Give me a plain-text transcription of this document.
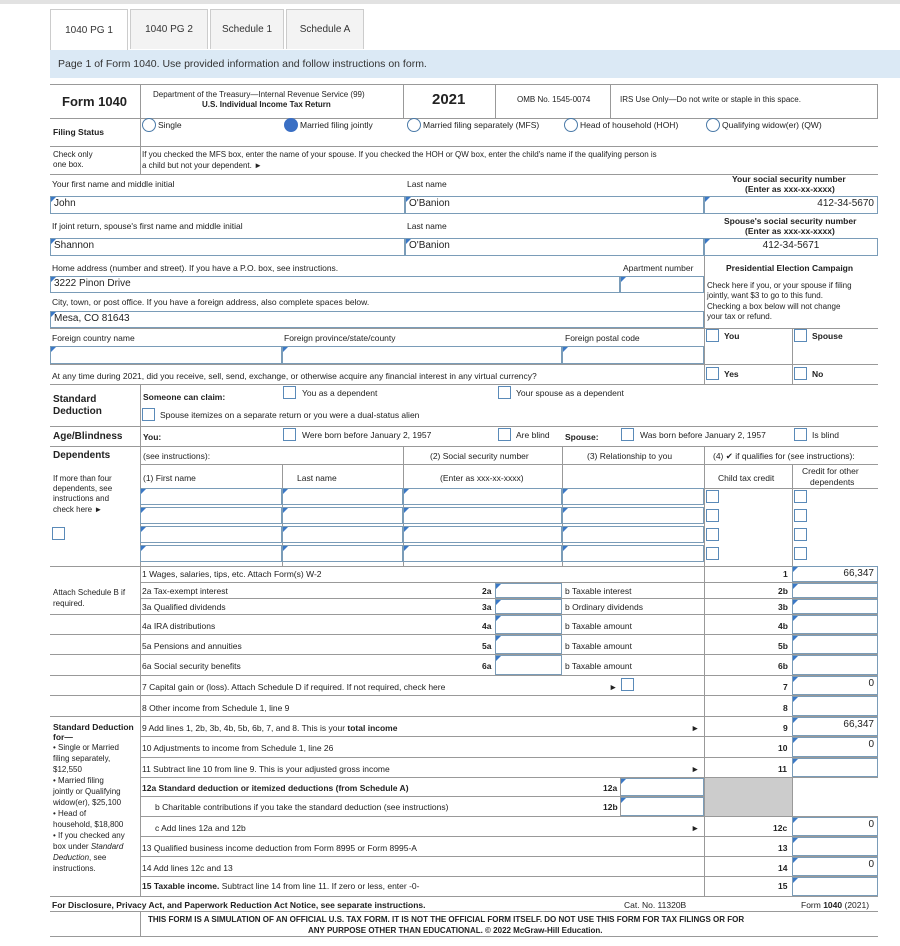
1040 PG 1	1040 PG 2	Schedule 1	Schedule A
Page 1 of Form 1040. Use provided information and follow instructions on form.
Form 1040	Department of the Treasury—Internal Revenue Service (99)
U.S. Individual Income Tax Return	2021	OMB No. 1545-0074	IRS Use Only—Do not write or staple in this space.
Filing Status
Single	Married filing jointly	Married filing separately (MFS)	Head of household (HOH)	Qualifying widow(er) (QW)
Check only
one box.
If you checked the MFS box, enter the name of your spouse. If you checked the HOH or QW box, enter the child's name if the qualifying person is
a child but not your dependent. ►
Your first name and middle initial	Last name	Your social security number
(Enter as xxx-xx-xxxx)
John	O'Banion	412-34-5670
If joint return, spouse's first name and middle initial	Last name	Spouse's social security number
(Enter as xxx-xx-xxxx)
Shannon	O'Banion	412-34-5671
Home address (number and street). If you have a P.O. box, see instructions.	Apartment number	Presidential Election Campaign
3222 Pinon Drive	Check here if you, or your spouse if filing
jointly, want $3 to go to this fund.
Checking a box below will not change
your tax or refund.
City, town, or post office. If you have a foreign address, also complete spaces below.
Mesa, CO 81643
Foreign country name	Foreign province/state/county	Foreign postal code	You	Spouse
At any time during 2021, did you receive, sell, send, exchange, or otherwise acquire any financial interest in any virtual currency?	Yes	No
Standard
Deduction
Someone can claim:	You as a dependent	Your spouse as a dependent
Spouse itemizes on a separate return or you were a dual-status alien
Age/Blindness You:	Were born before January 2, 1957	Are blind Spouse:	Was born before January 2, 1957	Is blind
Dependents	(see instructions):	(2) Social security number	(3) Relationship to you	(4) ✔ if qualifies for (see instructions):
If more than four
dependents, see
instructions and
check here ►
(1) First name	Last name	(Enter as xxx-xx-xxxx)	Child tax credit
Credit for other
dependents
1 Wages, salaries, tips, etc. Attach Form(s) W-2	1	66,347
Attach Schedule B if
required.
2a Tax-exempt interest	2a	b Taxable interest	2b
3a Qualified dividends	3a	b Ordinary dividends	3b
4a IRA distributions	4a	b Taxable amount	4b
5a Pensions and annuities	5a	b Taxable amount	5b
6a Social security benefits	6a	b Taxable amount	6b
7 Capital gain or (loss). Attach Schedule D if required. If not required, check here	►	7	0
8 Other income from Schedule 1, line 9	8
Standard Deduction
for—
• Single or Married
filing separately,
$12,550
• Married filing
jointly or Qualifying
widow(er), $25,100
• Head of
household, $18,800
• If you checked any
box under Standard
Deduction, see
instructions.
9 Add lines 1, 2b, 3b, 4b, 5b, 6b, 7, and 8. This is your total income	►	9	66,347
10 Adjustments to income from Schedule 1, line 26	10	0
11 Subtract line 10 from line 9. This is your adjusted gross income	►	11
12a Standard deduction or itemized deductions (from Schedule A)	12a
b Charitable contributions if you take the standard deduction (see instructions)	12b
c Add lines 12a and 12b	►	12c	0
13 Qualified business income deduction from Form 8995 or Form 8995-A	13
14 Add lines 12c and 13	14	0
15 Taxable income. Subtract line 14 from line 11. If zero or less, enter -0-	15
For Disclosure, Privacy Act, and Paperwork Reduction Act Notice, see separate instructions.	Cat. No. 11320B	Form 1040 (2021)
THIS FORM IS A SIMULATION OF AN OFFICIAL U.S. TAX FORM. IT IS NOT THE OFFICIAL FORM ITSELF. DO NOT USE THIS FORM FOR TAX FILINGS OR FOR
ANY PURPOSE OTHER THAN EDUCATIONAL. © 2022 McGraw-Hill Education.
